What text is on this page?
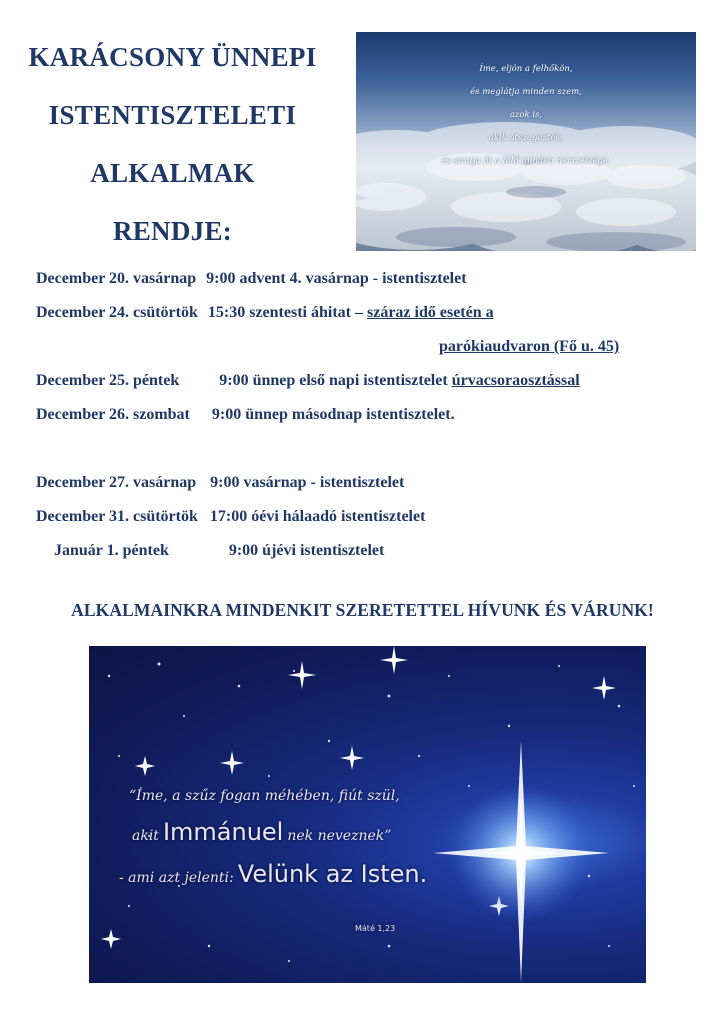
KARÁCSONY ÜNNEPI
ISTENTISZTELETI
ALKALMAK
RENDJE:
Íme, eljön a felhőkön,
és meglátja minden szem,
azok is,
akik átszegezték,
és siratja őt a föld minden nemzetsége.
December 20. vasárnap 9:00 advent 4. vasárnap - istentisztelet
December 24. csütörtök 15:30 szentesti áhitat – száraz idő esetén a
parókiaudvaron (Fő u. 45)
December 25. péntek	9:00 ünnep első napi istentisztelet úrvacsoraosztással
December 26. szombat 9:00 ünnep másodnap istentisztelet.
December 27. vasárnap 9:00 vasárnap - istentisztelet
December 31. csütörtök 17:00 óévi hálaadó istentisztelet
Január 1. péntek	9:00 újévi istentisztelet
ALKALMAINKRA MINDENKIT SZERETETTEL HÍVUNK ÉS VÁRUNK!
“Íme, a szűz fogan méhében, fiút szül,
akit Immánuel nek neveznek”
- ami azt jelenti: Velünk az Isten.
Máté 1,23
